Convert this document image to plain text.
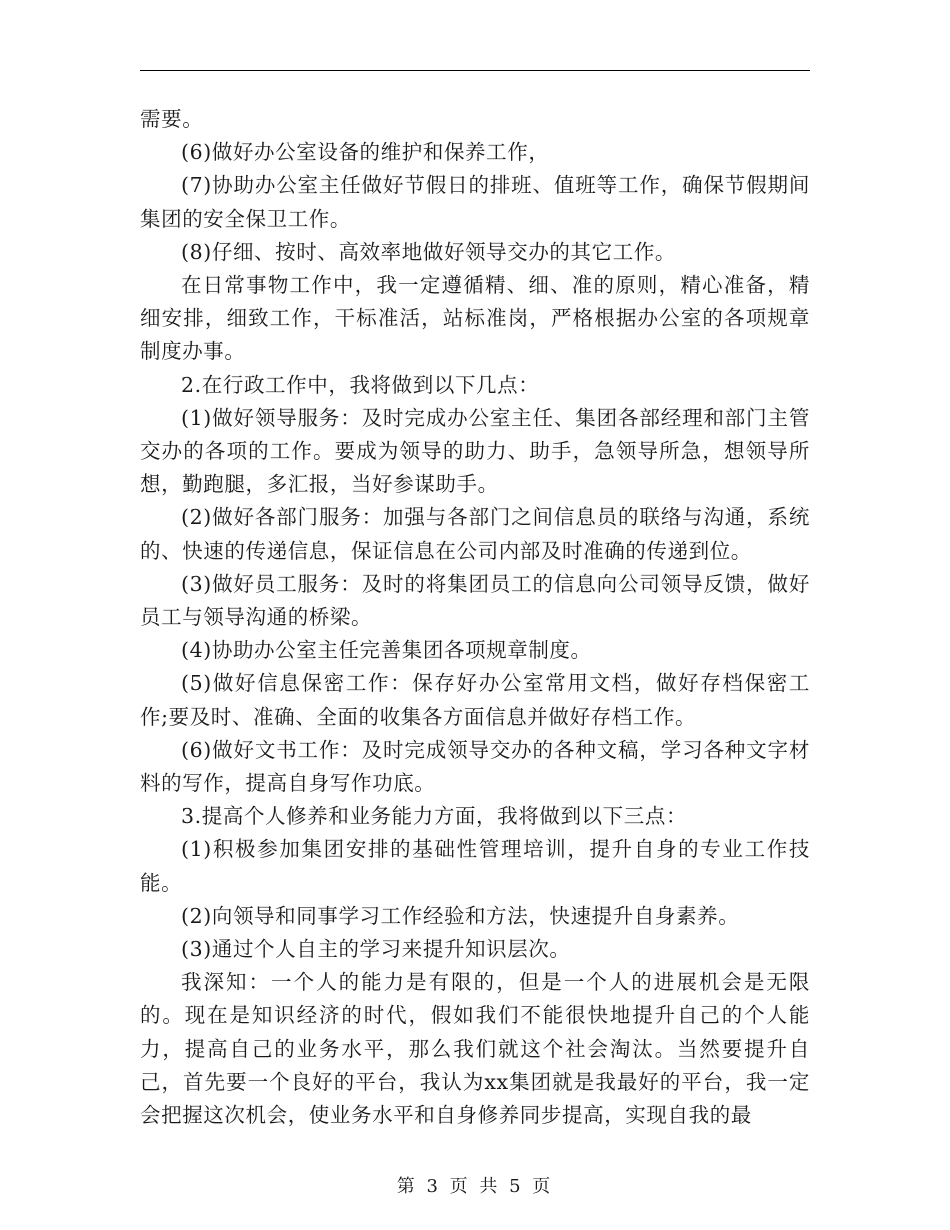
需要。

(6)做好办公室设备的维护和保养工作，

(7)协助办公室主任做好节假日的排班、值班等工作，确保节假期间集团的安全保卫工作。

(8)仔细、按时、高效率地做好领导交办的其它工作。

在日常事物工作中，我一定遵循精、细、准的原则，精心准备，精细安排，细致工作，干标准活，站标准岗，严格根据办公室的各项规章制度办事。

2.在行政工作中，我将做到以下几点：

(1)做好领导服务：及时完成办公室主任、集团各部经理和部门主管交办的各项的工作。要成为领导的助力、助手，急领导所急，想领导所想，勤跑腿，多汇报，当好参谋助手。

(2)做好各部门服务：加强与各部门之间信息员的联络与沟通，系统的、快速的传递信息，保证信息在公司内部及时准确的传递到位。

(3)做好员工服务：及时的将集团员工的信息向公司领导反馈，做好员工与领导沟通的桥梁。

(4)协助办公室主任完善集团各项规章制度。

(5)做好信息保密工作：保存好办公室常用文档，做好存档保密工作;要及时、准确、全面的收集各方面信息并做好存档工作。

(6)做好文书工作：及时完成领导交办的各种文稿，学习各种文字材料的写作，提高自身写作功底。

3.提高个人修养和业务能力方面，我将做到以下三点：

(1)积极参加集团安排的基础性管理培训，提升自身的专业工作技能。

(2)向领导和同事学习工作经验和方法，快速提升自身素养。

(3)通过个人自主的学习来提升知识层次。

我深知：一个人的能力是有限的，但是一个人的进展机会是无限的。现在是知识经济的时代，假如我们不能很快地提升自己的个人能力，提高自己的业务水平，那么我们就这个社会淘汰。当然要提升自己，首先要一个良好的平台，我认为xx集团就是我最好的平台，我一定会把握这次机会，使业务水平和自身修养同步提高，实现自我的最

第 3 页 共 5 页
